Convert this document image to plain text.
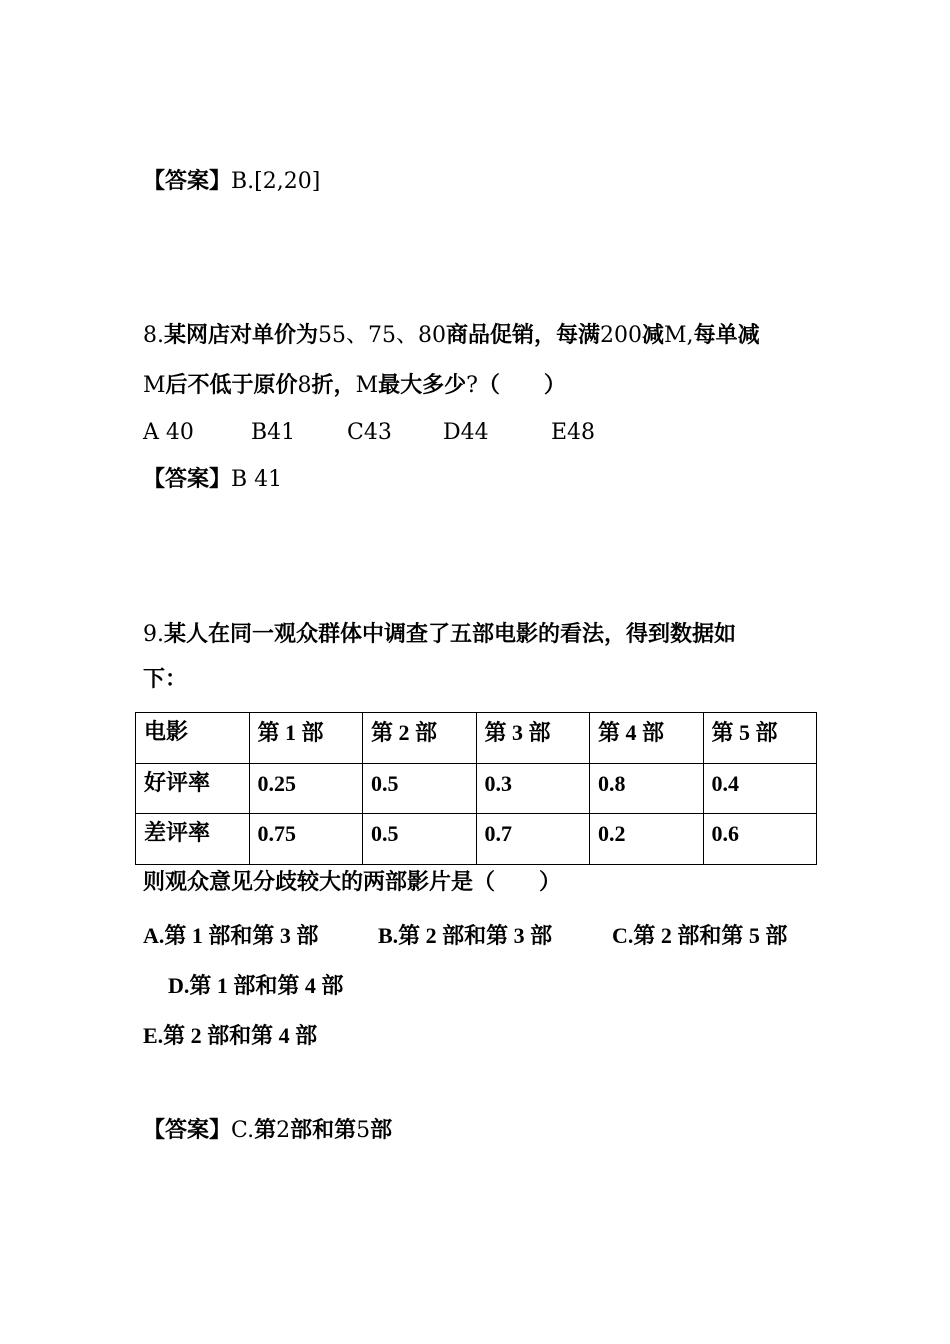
【答案】B.[2,20]
8.某网店对单价为55、75、80商品促销，每满200减M,每单减
M后不低于原价8折，M最大多少?（　　）
A 40	B41 C43 D44	E48
【答案】B 41
9.某人在同一观众群体中调查了五部电影的看法，得到数据如
下：
电影	第 1 部	第 2 部	第 3 部	第 4 部	第 5 部
好评率	0.25	0.5	0.3	0.8	0.4
差评率	0.75	0.5	0.7	0.2	0.6
则观众意见分歧较大的两部影片是（　　）
A.第 1 部和第 3 部	B.第 2 部和第 3 部	C.第 2 部和第 5 部
D.第 1 部和第 4 部
E.第 2 部和第 4 部
【答案】C.第2部和第5部
